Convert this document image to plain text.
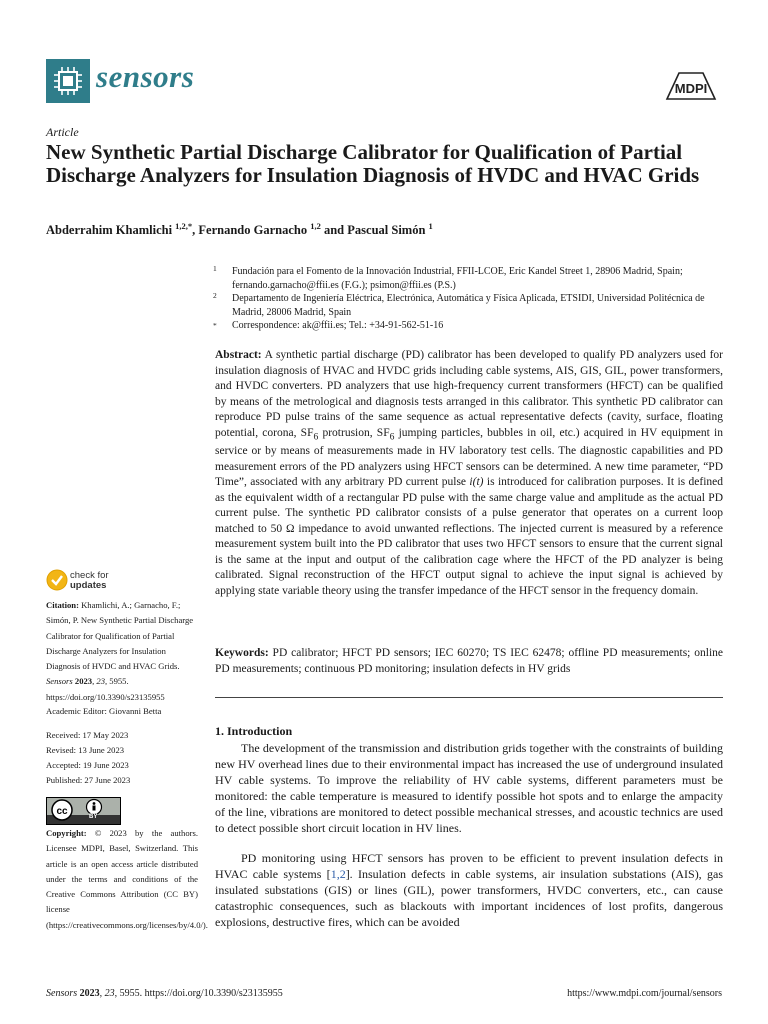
sensors	MDPI
Article
New Synthetic Partial Discharge Calibrator for Qualification of Partial Discharge Analyzers for Insulation Diagnosis of HVDC and HVAC Grids
Abderrahim Khamlichi $^{1,2,*}$, Fernando Garnacho $^{1,2}$ and Pascual Simón $^1$
1 Fundación para el Fomento de la Innovación Industrial, FFII-LCOE, Eric Kandel Street 1, 28906 Madrid, Spain; fernando.garnacho@ffii.es (F.G.); psimon@ffii.es (P.S.)
2 Departamento de Ingeniería Eléctrica, Electrónica, Automática y Física Aplicada, ETSIDI, Universidad Politécnica de Madrid, 28006 Madrid, Spain
* Correspondence: ak@ffii.es; Tel.: +34-91-562-51-16
Abstract: A synthetic partial discharge (PD) calibrator has been developed to qualify PD analyzers used for insulation diagnosis of HVAC and HVDC grids including cable systems, AIS, GIS, GIL, power transformers, and HVDC converters. PD analyzers that use high-frequency current transformers (HFCT) can be qualified by means of the metrological and diagnosis tests arranged in this calibrator. This synthetic PD calibrator can reproduce PD pulse trains of the same sequence as actual representative defects (cavity, surface, floating potential, corona, $SF_6$ protrusion, $SF_6$ jumping particles, bubbles in oil, etc.) acquired in HV equipment in service or by means of measurements made in HV laboratory test cells. The diagnostic capabilities and PD measurement errors of the PD analyzers using HFCT sensors can be determined. A new time parameter, “PD Time”, associated with any arbitrary PD current pulse i(t) is introduced for calibration purposes. It is defined as the equivalent width of a rectangular PD pulse with the same charge value and amplitude as the actual PD current pulse. The synthetic PD calibrator consists of a pulse generator that operates on a current loop matched to 50 Ω impedance to avoid unwanted reflections. The injected current is measured by a reference measurement system built into the PD calibrator that uses two HFCT sensors to ensure that the current signal is the same at the input and output of the calibration cage where the HFCT of the PD analyzer is being calibrated. Signal reconstruction of the HFCT output signal to achieve the input signal is achieved by applying state variable theory using the transfer impedance of the HFCT sensor in the frequency domain.
Keywords: PD calibrator; HFCT PD sensors; IEC 60270; TS IEC 62478; offline PD measurements; online PD measurements; continuous PD monitoring; insulation defects in HV grids
1. Introduction
The development of the transmission and distribution grids together with the constraints of building new HV overhead lines due to their environmental impact has increased the use of underground insulated HV cable systems. To improve the reliability of HV cable systems, different parameters must be monitored: the cable temperature is measured to identify possible hot spots and to enlarge the ampacity of the line, vibrations are monitored to detect possible mechanical stresses, and acoustic technics are used to detect possible short circuit location in HV lines.
PD monitoring using HFCT sensors has proven to be efficient to prevent insulation defects in HVAC cable systems [1,2]. Insulation defects in cable systems, air insulation substations (AIS), gas insulated substations (GIS) or lines (GIL), power transformers, HVDC converters, etc., can cause catastrophic consequences, such as blackouts with important incidences of lost profits, dangerous explosions, destructive fires, which can be avoided
check for
updates
Citation: Khamlichi, A.; Garnacho, F.; Simón, P. New Synthetic Partial Discharge Calibrator for Qualification of Partial Discharge Analyzers for Insulation Diagnosis of HVDC and HVAC Grids. Sensors 2023, 23, 5955. https://doi.org/10.3390/s23135955
Academic Editor: Giovanni Betta
Received: 17 May 2023
Revised: 13 June 2023
Accepted: 19 June 2023
Published: 27 June 2023
cc	BY
Copyright: © 2023 by the authors. Licensee MDPI, Basel, Switzerland. This article is an open access article distributed under the terms and conditions of the Creative Commons Attribution (CC BY) license (https://creativecommons.org/licenses/by/4.0/).
Sensors 2023, 23, 5955. https://doi.org/10.3390/s23135955	https://www.mdpi.com/journal/sensors
